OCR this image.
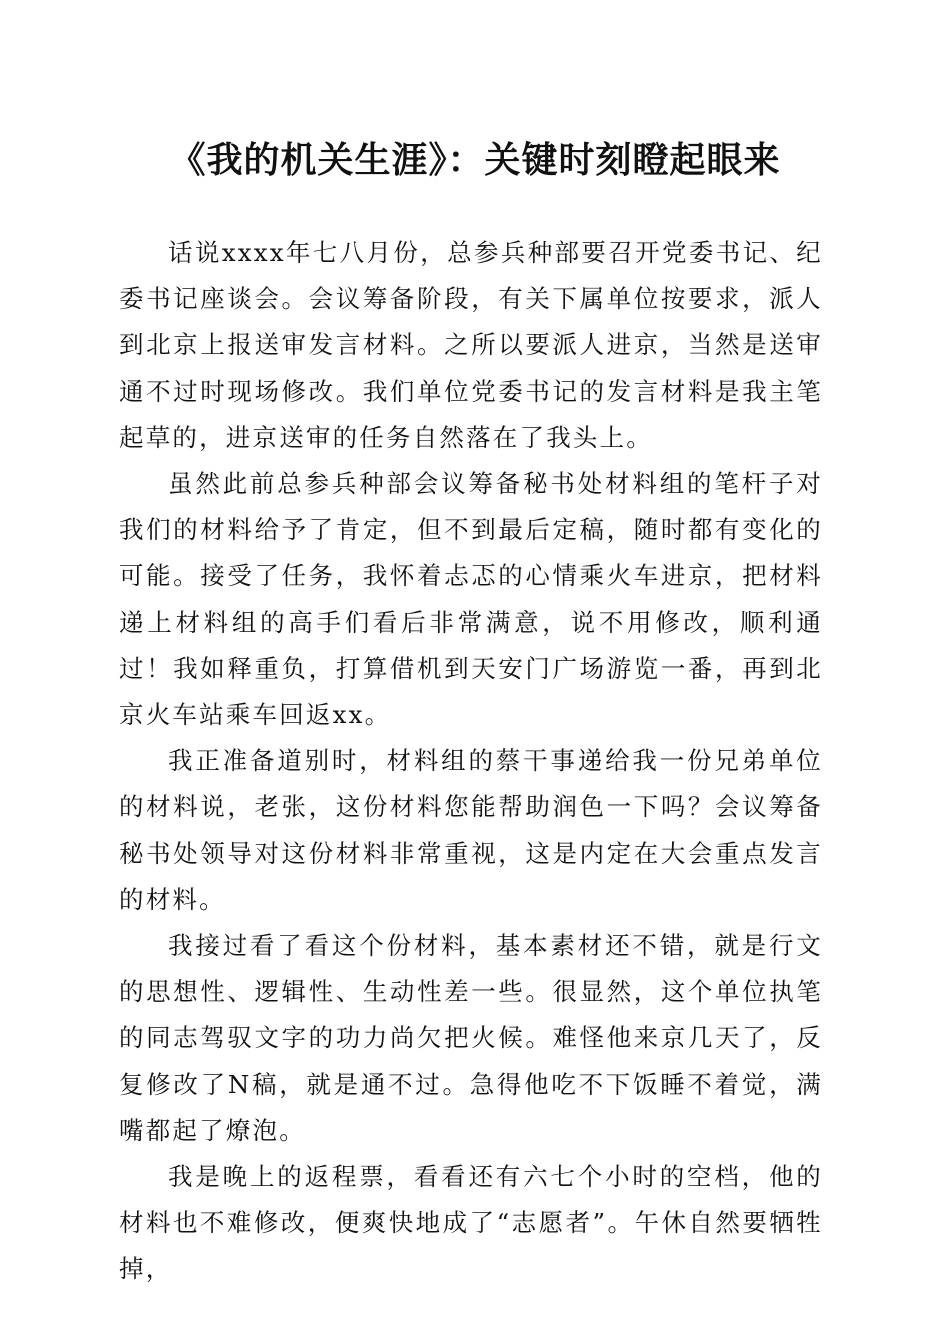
《我的机关生涯》：关键时刻瞪起眼来

话说xxxx年七八月份，总参兵种部要召开党委书记、纪委书记座谈会。会议筹备阶段，有关下属单位按要求，派人到北京上报送审发言材料。之所以要派人进京，当然是送审通不过时现场修改。我们单位党委书记的发言材料是我主笔起草的，进京送审的任务自然落在了我头上。

虽然此前总参兵种部会议筹备秘书处材料组的笔杆子对我们的材料给予了肯定，但不到最后定稿，随时都有变化的可能。接受了任务，我怀着忐忑的心情乘火车进京，把材料递上材料组的高手们看后非常满意，说不用修改，顺利通过！我如释重负，打算借机到天安门广场游览一番，再到北京火车站乘车回返xx。

我正准备道别时，材料组的蔡干事递给我一份兄弟单位的材料说，老张，这份材料您能帮助润色一下吗？会议筹备秘书处领导对这份材料非常重视，这是内定在大会重点发言的材料。

我接过看了看这个份材料，基本素材还不错，就是行文的思想性、逻辑性、生动性差一些。很显然，这个单位执笔的同志驾驭文字的功力尚欠把火候。难怪他来京几天了，反复修改了N稿，就是通不过。急得他吃不下饭睡不着觉，满嘴都起了燎泡。

我是晚上的返程票，看看还有六七个小时的空档，他的材料也不难修改，便爽快地成了“志愿者”。午休自然要牺牲掉，
